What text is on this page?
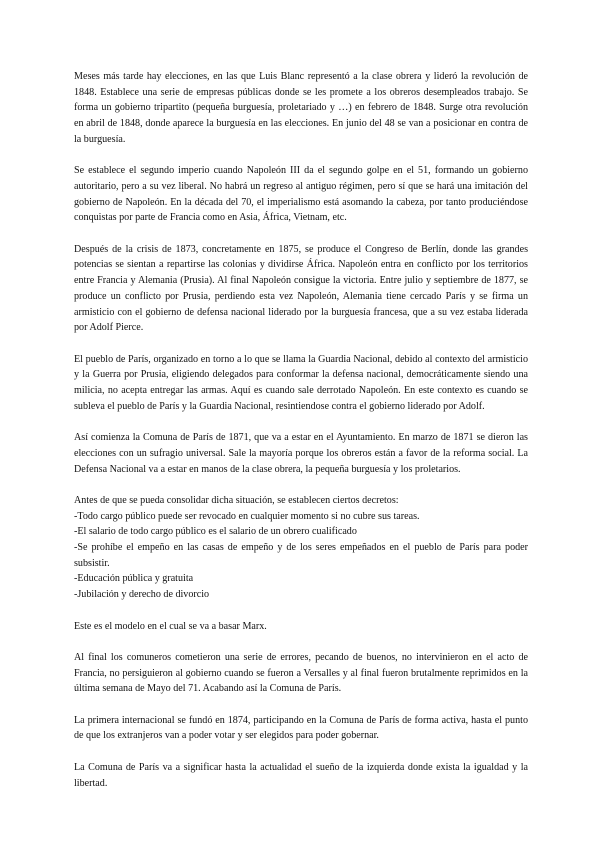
Meses más tarde hay elecciones, en las que Luis Blanc representó a la clase obrera y lideró la revolución de 1848. Establece una serie de empresas públicas donde se les promete a los obreros desempleados trabajo. Se forma un gobierno tripartito (pequeña burguesía, proletariado y …) en febrero de 1848. Surge otra revolución en abril de 1848, donde aparece la burguesía en las elecciones. En junio del 48 se van a posicionar en contra de la burguesía.

Se establece el segundo imperio cuando Napoleón III da el segundo golpe en el 51, formando un gobierno autoritario, pero a su vez liberal. No habrá un regreso al antiguo régimen, pero sí que se hará una imitación del gobierno de Napoleón. En la década del 70, el imperialismo está asomando la cabeza, por tanto produciéndose conquistas por parte de Francia como en Asia, África, Vietnam, etc.

Después de la crisis de 1873, concretamente en 1875, se produce el Congreso de Berlín, donde las grandes potencias se sientan a repartirse las colonias y dividirse África. Napoleón entra en conflicto por los territorios entre Francia y Alemania (Prusia). Al final Napoleón consigue la victoria. Entre julio y septiembre de 1877, se produce un conflicto por Prusia, perdiendo esta vez Napoleón, Alemania tiene cercado París y se firma un armisticio con el gobierno de defensa nacional liderado por la burguesía francesa, que a su vez estaba liderada por Adolf Pierce.

El pueblo de París, organizado en torno a lo que se llama la Guardia Nacional, debido al contexto del armisticio y la Guerra por Prusia, eligiendo delegados para conformar la defensa nacional, democráticamente siendo una milicia, no acepta entregar las armas. Aquí es cuando sale derrotado Napoleón. En este contexto es cuando se subleva el pueblo de París y la Guardia Nacional, resintiendose contra el gobierno liderado por Adolf.

Así comienza la Comuna de París de 1871, que va a estar en el Ayuntamiento. En marzo de 1871 se dieron las elecciones con un sufragio universal. Sale la mayoría porque los obreros están a favor de la reforma social. La Defensa Nacional va a estar en manos de la clase obrera, la pequeña burguesía y los proletarios.

Antes de que se pueda consolidar dicha situación, se establecen ciertos decretos:

-Todo cargo público puede ser revocado en cualquier momento si no cubre sus tareas.
-El salario de todo cargo público es el salario de un obrero cualificado
-Se prohíbe el empeño en las casas de empeño y de los seres empeñados en el pueblo de París para poder subsistir.
-Educación pública y gratuita
-Jubilación y derecho de divorcio

Este es el modelo en el cual se va a basar Marx.

Al final los comuneros cometieron una serie de errores, pecando de buenos, no intervinieron en el acto de Francia, no persiguieron al gobierno cuando se fueron a Versalles y al final fueron brutalmente reprimidos en la última semana de Mayo del 71. Acabando así la Comuna de París.

La primera internacional se fundó en 1874, participando en la Comuna de París de forma activa, hasta el punto de que los extranjeros van a poder votar y ser elegidos para poder gobernar.

La Comuna de París va a significar hasta la actualidad el sueño de la izquierda donde exista la igualdad y la libertad.
